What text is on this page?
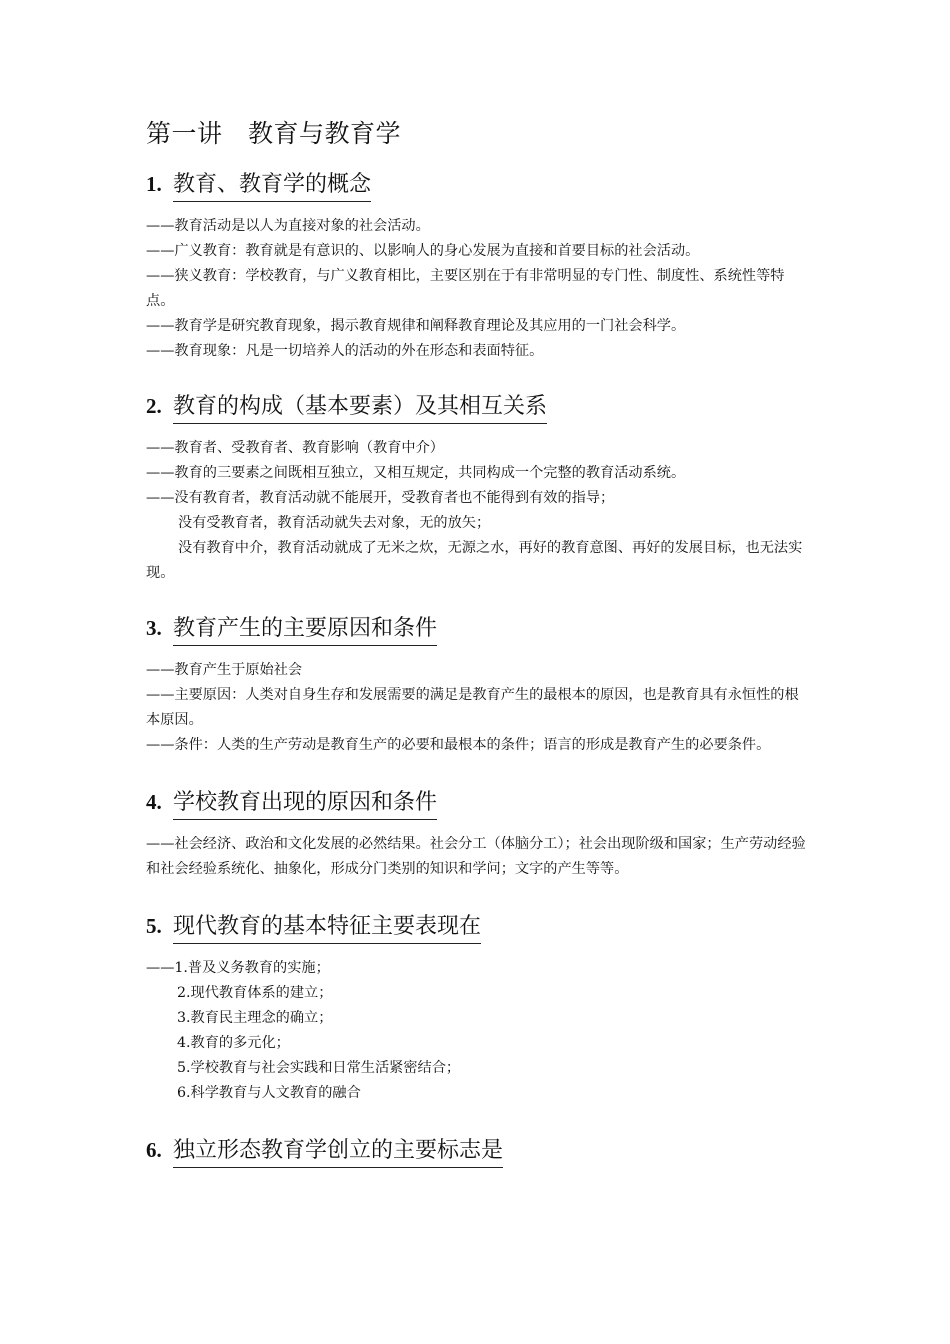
第一讲　教育与教育学
1. 教育、教育学的概念

——教育活动是以人为直接对象的社会活动。

——广义教育：教育就是有意识的、以影响人的身心发展为直接和首要目标的社会活动。

——狭义教育：学校教育，与广义教育相比，主要区别在于有非常明显的专门性、制度性、系统性等特点。

——教育学是研究教育现象，揭示教育规律和阐释教育理论及其应用的一门社会科学。

——教育现象：凡是一切培养人的活动的外在形态和表面特征。

2. 教育的构成（基本要素）及其相互关系

——教育者、受教育者、教育影响（教育中介）

——教育的三要素之间既相互独立，又相互规定，共同构成一个完整的教育活动系统。

——没有教育者，教育活动就不能展开，受教育者也不能得到有效的指导；

没有受教育者，教育活动就失去对象，无的放矢；

没有教育中介，教育活动就成了无米之炊，无源之水，再好的教育意图、再好的发展目标，也无法实现。

3. 教育产生的主要原因和条件

——教育产生于原始社会

——主要原因：人类对自身生存和发展需要的满足是教育产生的最根本的原因，也是教育具有永恒性的根本原因。

——条件：人类的生产劳动是教育生产的必要和最根本的条件；语言的形成是教育产生的必要条件。

4. 学校教育出现的原因和条件

——社会经济、政治和文化发展的必然结果。社会分工（体脑分工）；社会出现阶级和国家；生产劳动经验和社会经验系统化、抽象化，形成分门类别的知识和学问；文字的产生等等。

5. 现代教育的基本特征主要表现在

——1.普及义务教育的实施；

2.现代教育体系的建立；

3.教育民主理念的确立；

4.教育的多元化；

5.学校教育与社会实践和日常生活紧密结合；

6.科学教育与人文教育的融合

6. 独立形态教育学创立的主要标志是
